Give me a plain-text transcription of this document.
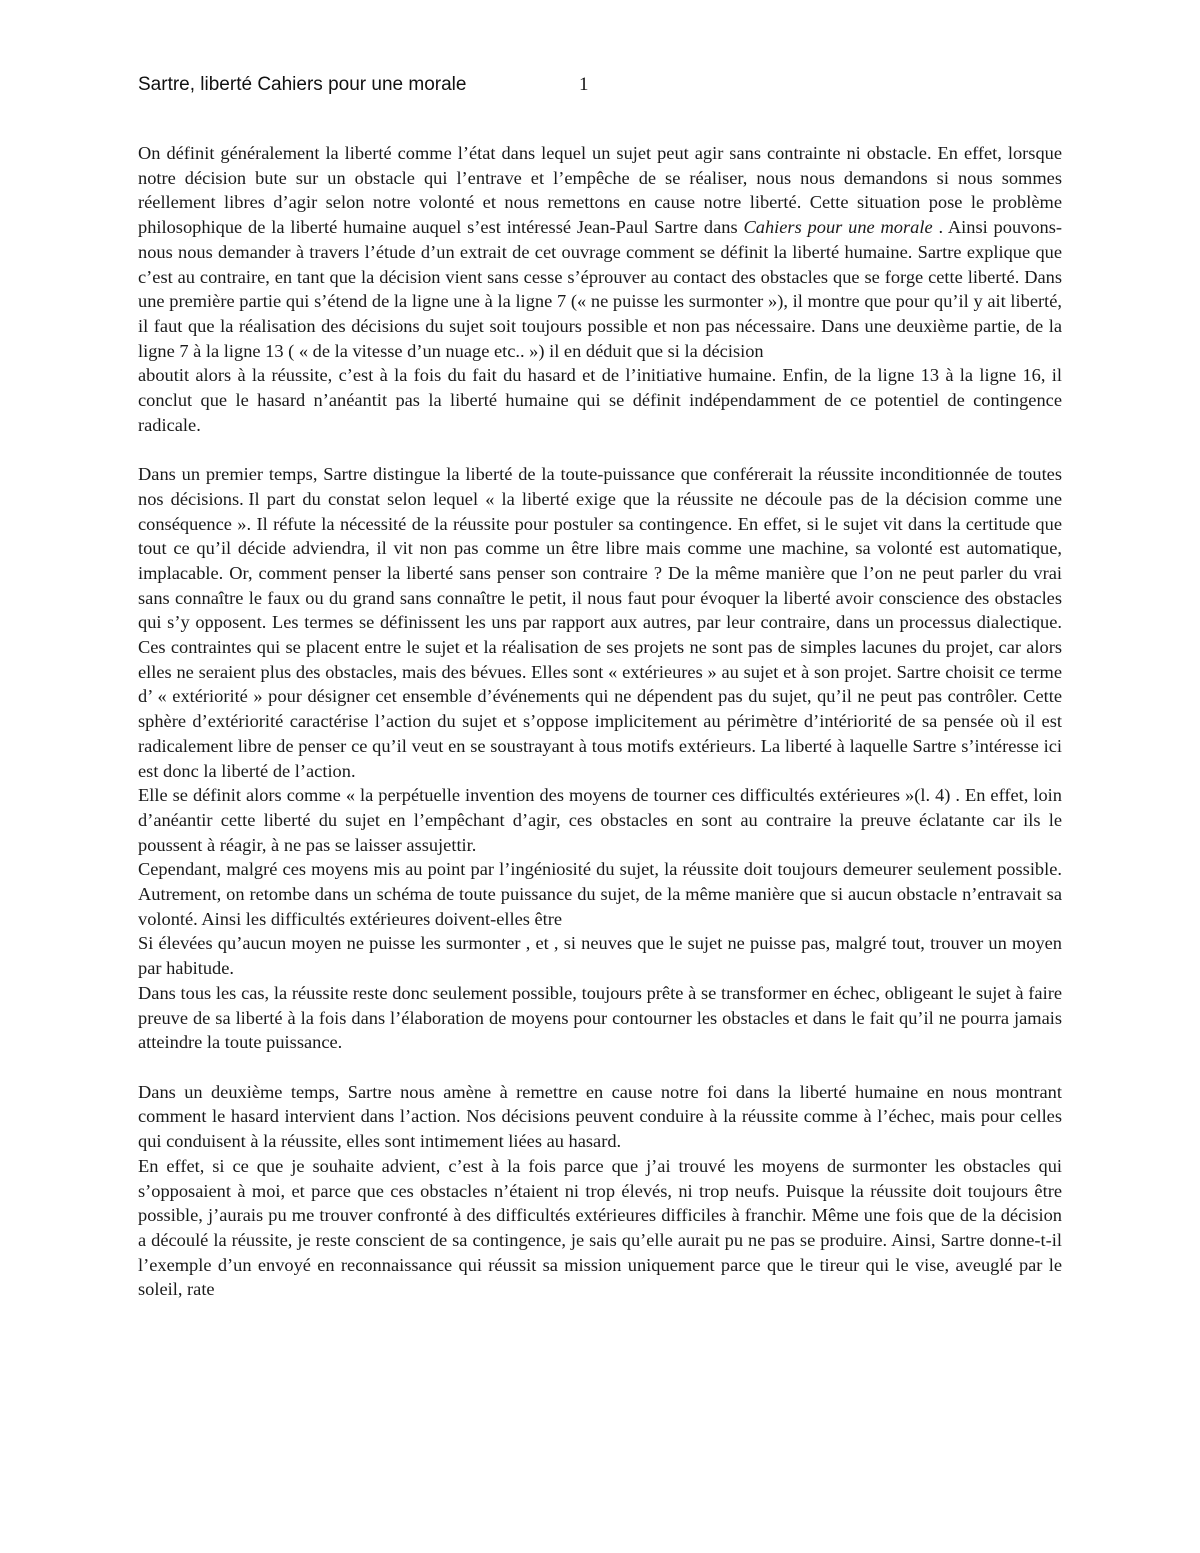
Sartre, liberté Cahiers pour une morale	1

On définit généralement la liberté comme l’état dans lequel un sujet peut agir sans contrainte ni obstacle. En effet, lorsque notre décision bute sur un obstacle qui l’entrave et l’empêche de se réaliser, nous nous demandons si nous sommes réellement libres d’agir selon notre volonté et nous remettons en cause notre liberté. Cette situation pose le problème philosophique de la liberté humaine auquel s’est intéressé Jean-Paul Sartre dans Cahiers pour une morale . Ainsi pouvons-nous nous demander à travers l’étude d’un extrait de cet ouvrage comment se définit la liberté humaine. Sartre explique que c’est au contraire, en tant que la décision vient sans cesse s’éprouver au contact des obstacles que se forge cette liberté. Dans une première partie qui s’étend de la ligne une à la ligne 7 (« ne puisse les surmonter »), il montre que pour qu’il y ait liberté, il faut que la réalisation des décisions du sujet soit toujours possible et non pas nécessaire. Dans une deuxième partie, de la ligne 7 à la ligne 13 ( « de la vitesse d’un nuage etc.. ») il en déduit que si la décision

aboutit alors à la réussite, c’est à la fois du fait du hasard et de l’initiative humaine. Enfin, de la ligne 13 à la ligne 16, il conclut que le hasard n’anéantit pas la liberté humaine qui se définit indépendamment de ce potentiel de contingence radicale.

Dans un premier temps, Sartre distingue la liberté de la toute-puissance que conférerait la réussite inconditionnée de toutes nos décisions. Il part du constat selon lequel « la liberté exige que la réussite ne découle pas de la décision comme une conséquence ». Il réfute la nécessité de la réussite pour postuler sa contingence. En effet, si le sujet vit dans la certitude que tout ce qu’il décide adviendra, il vit non pas comme un être libre mais comme une machine, sa volonté est automatique, implacable. Or, comment penser la liberté sans penser son contraire ? De la même manière que l’on ne peut parler du vrai sans connaître le faux ou du grand sans connaître le petit, il nous faut pour évoquer la liberté avoir conscience des obstacles qui s’y opposent. Les termes se définissent les uns par rapport aux autres, par leur contraire, dans un processus dialectique. Ces contraintes qui se placent entre le sujet et la réalisation de ses projets ne sont pas de simples lacunes du projet, car alors elles ne seraient plus des obstacles, mais des bévues. Elles sont « extérieures » au sujet et à son projet. Sartre choisit ce terme d’ « extériorité » pour désigner cet ensemble d’événements qui ne dépendent pas du sujet, qu’il ne peut pas contrôler. Cette sphère d’extériorité caractérise l’action du sujet et s’oppose implicitement au périmètre d’intériorité de sa pensée où il est radicalement libre de penser ce qu’il veut en se soustrayant à tous motifs extérieurs. La liberté à laquelle Sartre s’intéresse ici est donc la liberté de l’action.

Elle se définit alors comme « la perpétuelle invention des moyens de tourner ces difficultés extérieures »(l. 4) . En effet, loin d’anéantir cette liberté du sujet en l’empêchant d’agir, ces obstacles en sont au contraire la preuve éclatante car ils le poussent à réagir, à ne pas se laisser assujettir.

Cependant, malgré ces moyens mis au point par l’ingéniosité du sujet, la réussite doit toujours demeurer seulement possible. Autrement, on retombe dans un schéma de toute puissance du sujet, de la même manière que si aucun obstacle n’entravait sa volonté. Ainsi les difficultés extérieures doivent-elles être

Si élevées qu’aucun moyen ne puisse les surmonter , et , si neuves que le sujet ne puisse pas, malgré tout, trouver un moyen par habitude.

Dans tous les cas, la réussite reste donc seulement possible, toujours prête à se transformer en échec, obligeant le sujet à faire preuve de sa liberté à la fois dans l’élaboration de moyens pour contourner les obstacles et dans le fait qu’il ne pourra jamais atteindre la toute puissance.

Dans un deuxième temps, Sartre nous amène à remettre en cause notre foi dans la liberté humaine en nous montrant comment le hasard intervient dans l’action. Nos décisions peuvent conduire à la réussite comme à l’échec, mais pour celles qui conduisent à la réussite, elles sont intimement liées au hasard.

En effet, si ce que je souhaite advient, c’est à la fois parce que j’ai trouvé les moyens de surmonter les obstacles qui s’opposaient à moi, et parce que ces obstacles n’étaient ni trop élevés, ni trop neufs. Puisque la réussite doit toujours être possible, j’aurais pu me trouver confronté à des difficultés extérieures difficiles à franchir. Même une fois que de la décision a découlé la réussite, je reste conscient de sa contingence, je sais qu’elle aurait pu ne pas se produire. Ainsi, Sartre donne-t-il l’exemple d’un envoyé en reconnaissance qui réussit sa mission uniquement parce que le tireur qui le vise, aveuglé par le soleil, rate
